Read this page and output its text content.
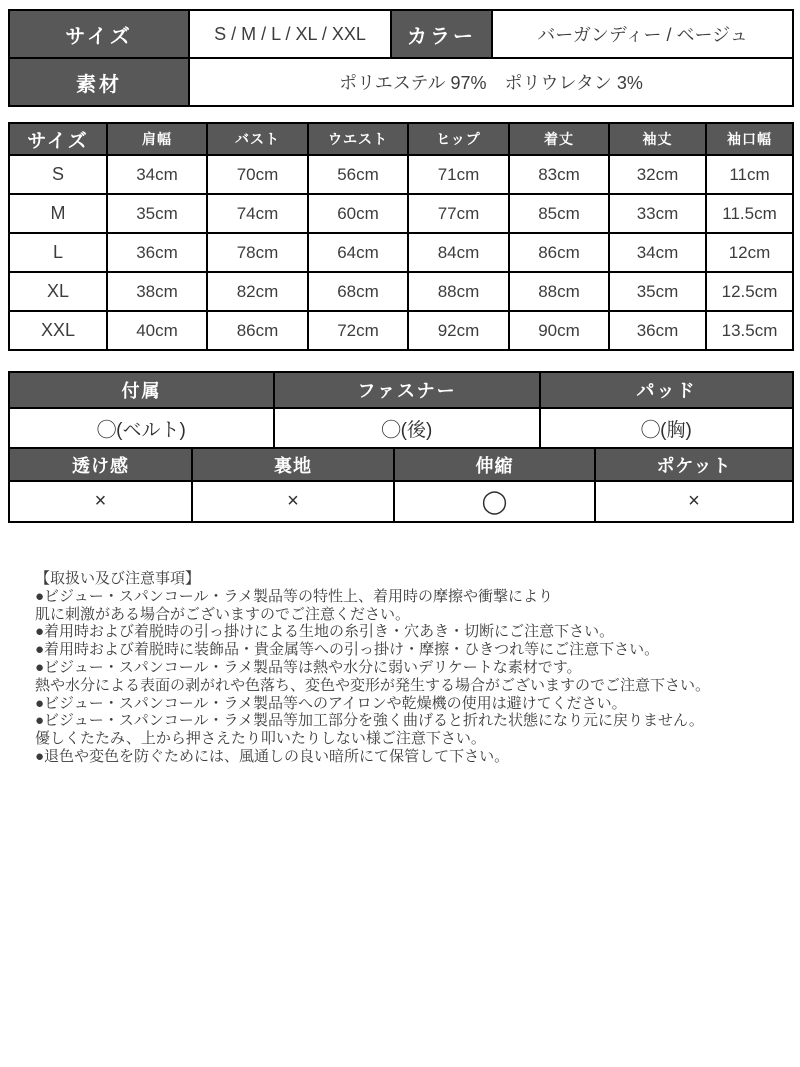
サイズ	S / M / L / XL / XXL	カラー	バーガンディー / ベージュ
素材	ポリエステル 97%　ポリウレタン 3%		
サイズ	肩幅	バスト	ウエスト	ヒップ	着丈	袖丈	袖口幅
S	34cm	70cm	56cm	71cm	83cm	32cm	11cm
M	35cm	74cm	60cm	77cm	85cm	33cm	11.5cm
L	36cm	78cm	64cm	84cm	86cm	34cm	12cm
XL	38cm	82cm	68cm	88cm	88cm	35cm	12.5cm
XXL	40cm	86cm	72cm	92cm	90cm	36cm	13.5cm
付属	ファスナー	パッド
◯(ベルト)	◯(後)	◯(胸)
透け感	裏地	伸縮	ポケット
×	×	◯	×
【取扱い及び注意事項】
●ビジュー・スパンコール・ラメ製品等の特性上、着用時の摩擦や衝撃により
肌に刺激がある場合がございますのでご注意ください。
●着用時および着脱時の引っ掛けによる生地の糸引き・穴あき・切断にご注意下さい。
●着用時および着脱時に装飾品・貴金属等への引っ掛け・摩擦・ひきつれ等にご注意下さい。
●ビジュー・スパンコール・ラメ製品等は熱や水分に弱いデリケートな素材です。
熱や水分による表面の剥がれや色落ち、変色や変形が発生する場合がございますのでご注意下さい。
●ビジュー・スパンコール・ラメ製品等へのアイロンや乾燥機の使用は避けてください。
●ビジュー・スパンコール・ラメ製品等加工部分を強く曲げると折れた状態になり元に戻りません。
優しくたたみ、上から押さえたり叩いたりしない様ご注意下さい。
●退色や変色を防ぐためには、風通しの良い暗所にて保管して下さい。
